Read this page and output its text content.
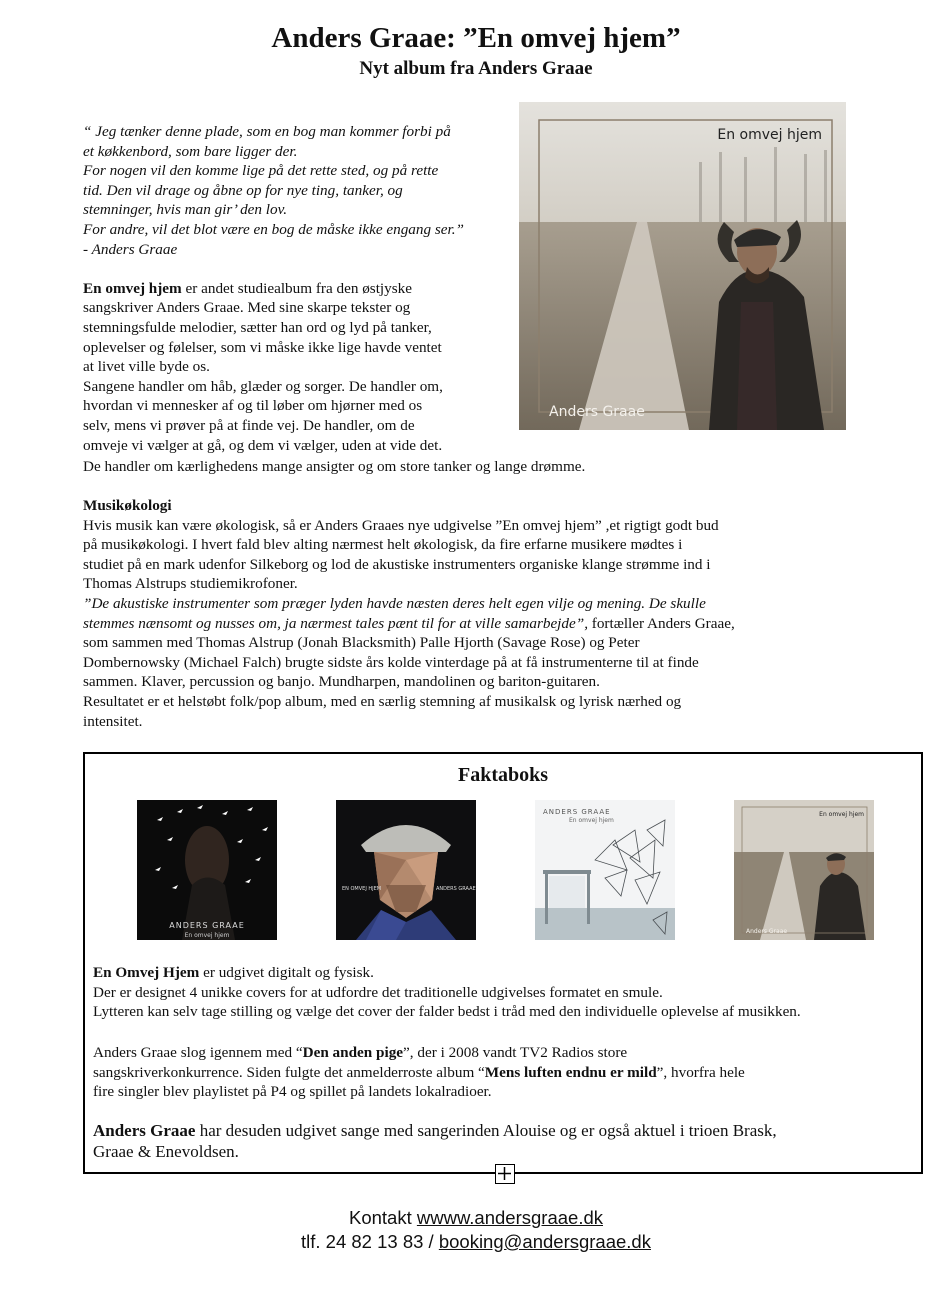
Anders Graae: ”En omvej hjem”
Nyt album fra Anders Graae

“ Jeg tænker denne plade, som en bog man kommer forbi på

et køkkenbord, som bare ligger der.

For nogen vil den komme lige på det rette sted, og på rette

tid. Den vil drage og åbne op for nye ting, tanker, og

stemninger, hvis man gir’ den lov.

For andre, vil det blot være en bog de måske ikke engang ser.”

- Anders Graae

En omvej hjem er andet studiealbum fra den østjyske

sangskriver Anders Graae. Med sine skarpe tekster og

stemningsfulde melodier, sætter han ord og lyd på tanker,

oplevelser og følelser, som vi måske ikke lige havde ventet

at livet ville byde os.

Sangene handler om håb, glæder og sorger. De handler om,

hvordan vi mennesker af og til løber om hjørner med os

selv, mens vi prøver på at finde vej. De handler, om de

omveje vi vælger at gå, og dem vi vælger, uden at vide det.

De handler om kærlighedens mange ansigter og om store tanker og lange drømme.
En omvej hjem
Anders Graae

Musikøkologi

Hvis musik kan være økologisk, så er Anders Graaes nye udgivelse ”En omvej hjem” ,et rigtigt godt bud

på musikøkologi. I hvert fald blev alting nærmest helt økologisk, da fire erfarne musikere mødtes i

studiet på en mark udenfor Silkeborg og lod de akustiske instrumenters organiske klange strømme ind i

Thomas Alstrups studiemikrofoner.

”De akustiske instrumenter som præger lyden havde næsten deres helt egen vilje og mening. De skulle

stemmes nænsomt og nusses om, ja nærmest tales pænt til for at ville samarbejde”, fortæller Anders Graae,

som sammen med Thomas Alstrup (Jonah Blacksmith) Palle Hjorth (Savage Rose) og Peter

Dombernowsky (Michael Falch) brugte sidste års kolde vinterdage på at få instrumenterne til at finde

sammen. Klaver, percussion og banjo. Mundharpen, mandolinen og bariton-guitaren.

Resultatet er et helstøbt folk/pop album, med en særlig stemning af musikalsk og lyrisk nærhed og

intensitet.

Faktaboks
ANDERS GRAAE
En omvej hjem
EN OMVEJ HJEM	ANDERS GRAAE
ANDERS GRAAE
En omvej hjem
En omvej hjem
Anders Graae

En Omvej Hjem er udgivet digitalt og fysisk.

Der er designet 4 unikke covers for at udfordre det traditionelle udgivelses formatet en smule.

Lytteren kan selv tage stilling og vælge det cover der falder bedst i tråd med den individuelle oplevelse af musikken.

Anders Graae slog igennem med “Den anden pige”, der i 2008 vandt TV2 Radios store

sangskriverkonkurrence. Siden fulgte det anmelderroste album “Mens luften endnu er mild”, hvorfra hele

fire singler blev playlistet på P4 og spillet på landets lokalradioer.

Anders Graae har desuden udgivet sange med sangerinden Alouise og er også aktuel i trioen Brask,

Graae & Enevoldsen.

Kontakt wwww.andersgraae.dk
tlf. 24 82 13 83 / booking@andersgraae.dk
